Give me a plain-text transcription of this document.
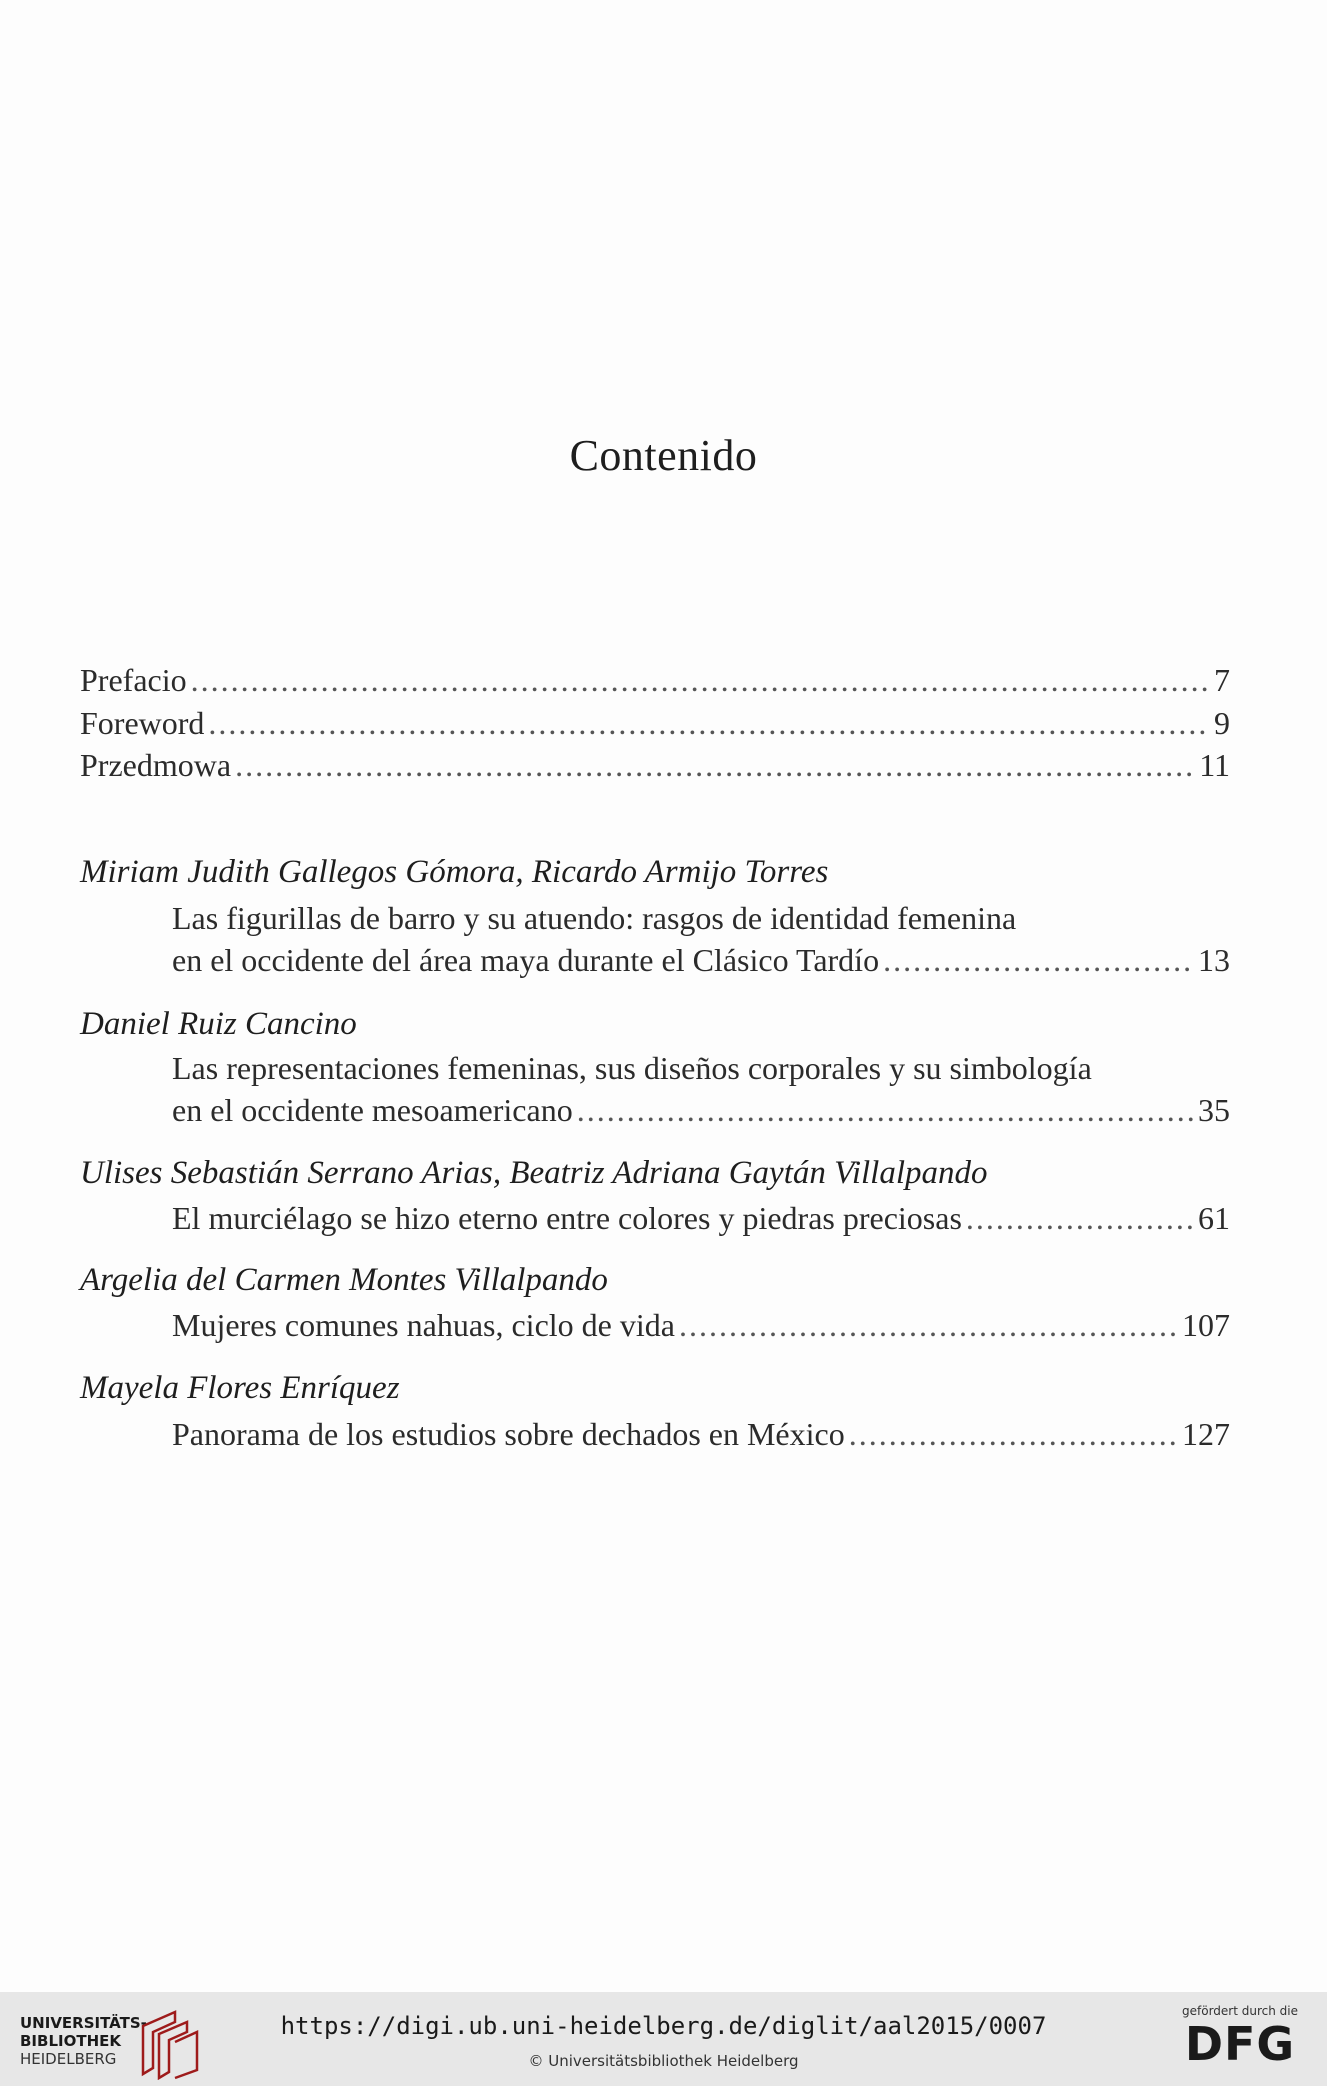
Contenido
Prefacio .....	7
Foreword .....	9
Przedmowa .....	11
Miriam Judith Gallegos Gómora, Ricardo Armijo Torres
Las figurillas de barro y su atuendo: rasgos de identidad femenina
en el occidente del área maya durante el Clásico Tardío .....	13
Daniel Ruiz Cancino
Las representaciones femeninas, sus diseños corporales y su simbología
en el occidente mesoamericano .....	35
Ulises Sebastián Serrano Arias, Beatriz Adriana Gaytán Villalpando
El murciélago se hizo eterno entre colores y piedras preciosas .....	61
Argelia del Carmen Montes Villalpando
Mujeres comunes nahuas, ciclo de vida .....	107
Mayela Flores Enríquez
Panorama de los estudios sobre dechados en México .....	127
UNIVERSITÄTS-
BIBLIOTHEK
HEIDELBERG
https://digi.ub.uni-heidelberg.de/diglit/aal2015/0007
© Universitätsbibliothek Heidelberg
gefördert durch die
DFG
